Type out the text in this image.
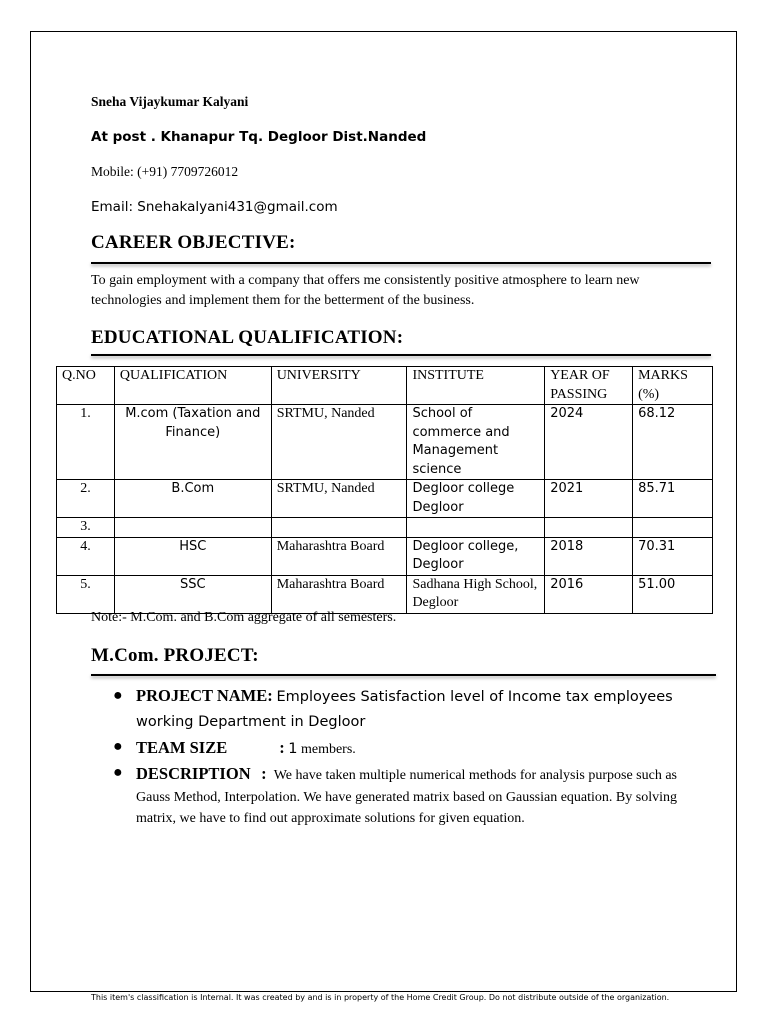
Sneha Vijaykumar Kalyani
At post . Khanapur Tq. Degloor Dist.Nanded
Mobile: (+91) 7709726012
Email: Snehakalyani431@gmail.com
CAREER OBJECTIVE:
To gain employment with a company that offers me consistently positive atmosphere to learn new technologies and implement them for the betterment of the business.
EDUCATIONAL QUALIFICATION:
Q.NO	QUALIFICATION	UNIVERSITY	INSTITUTE	YEAR OF PASSING	MARKS (%)
1.	M.com (Taxation and Finance)	SRTMU, Nanded	School of commerce and Management science	2024	68.12
2.	B.Com	SRTMU, Nanded	Degloor college Degloor	2021	85.71
3.					
4.	HSC	Maharashtra Board	Degloor college, Degloor	2018	70.31
5.	SSC	Maharashtra Board	Sadhana High School, Degloor	2016	51.00
Note:- M.Com. and B.Com aggregate of all semesters.
M.Com. PROJECT:
● PROJECT NAME: Employees Satisfaction level of Income tax employees working Department in Degloor
● TEAM SIZE	: 1 members.
● DESCRIPTION : We have taken multiple numerical methods for analysis purpose such as Gauss Method, Interpolation. We have generated matrix based on Gaussian equation. By solving matrix, we have to find out approximate solutions for given equation.
This item's classification is Internal. It was created by and is in property of the Home Credit Group. Do not distribute outside of the organization.
